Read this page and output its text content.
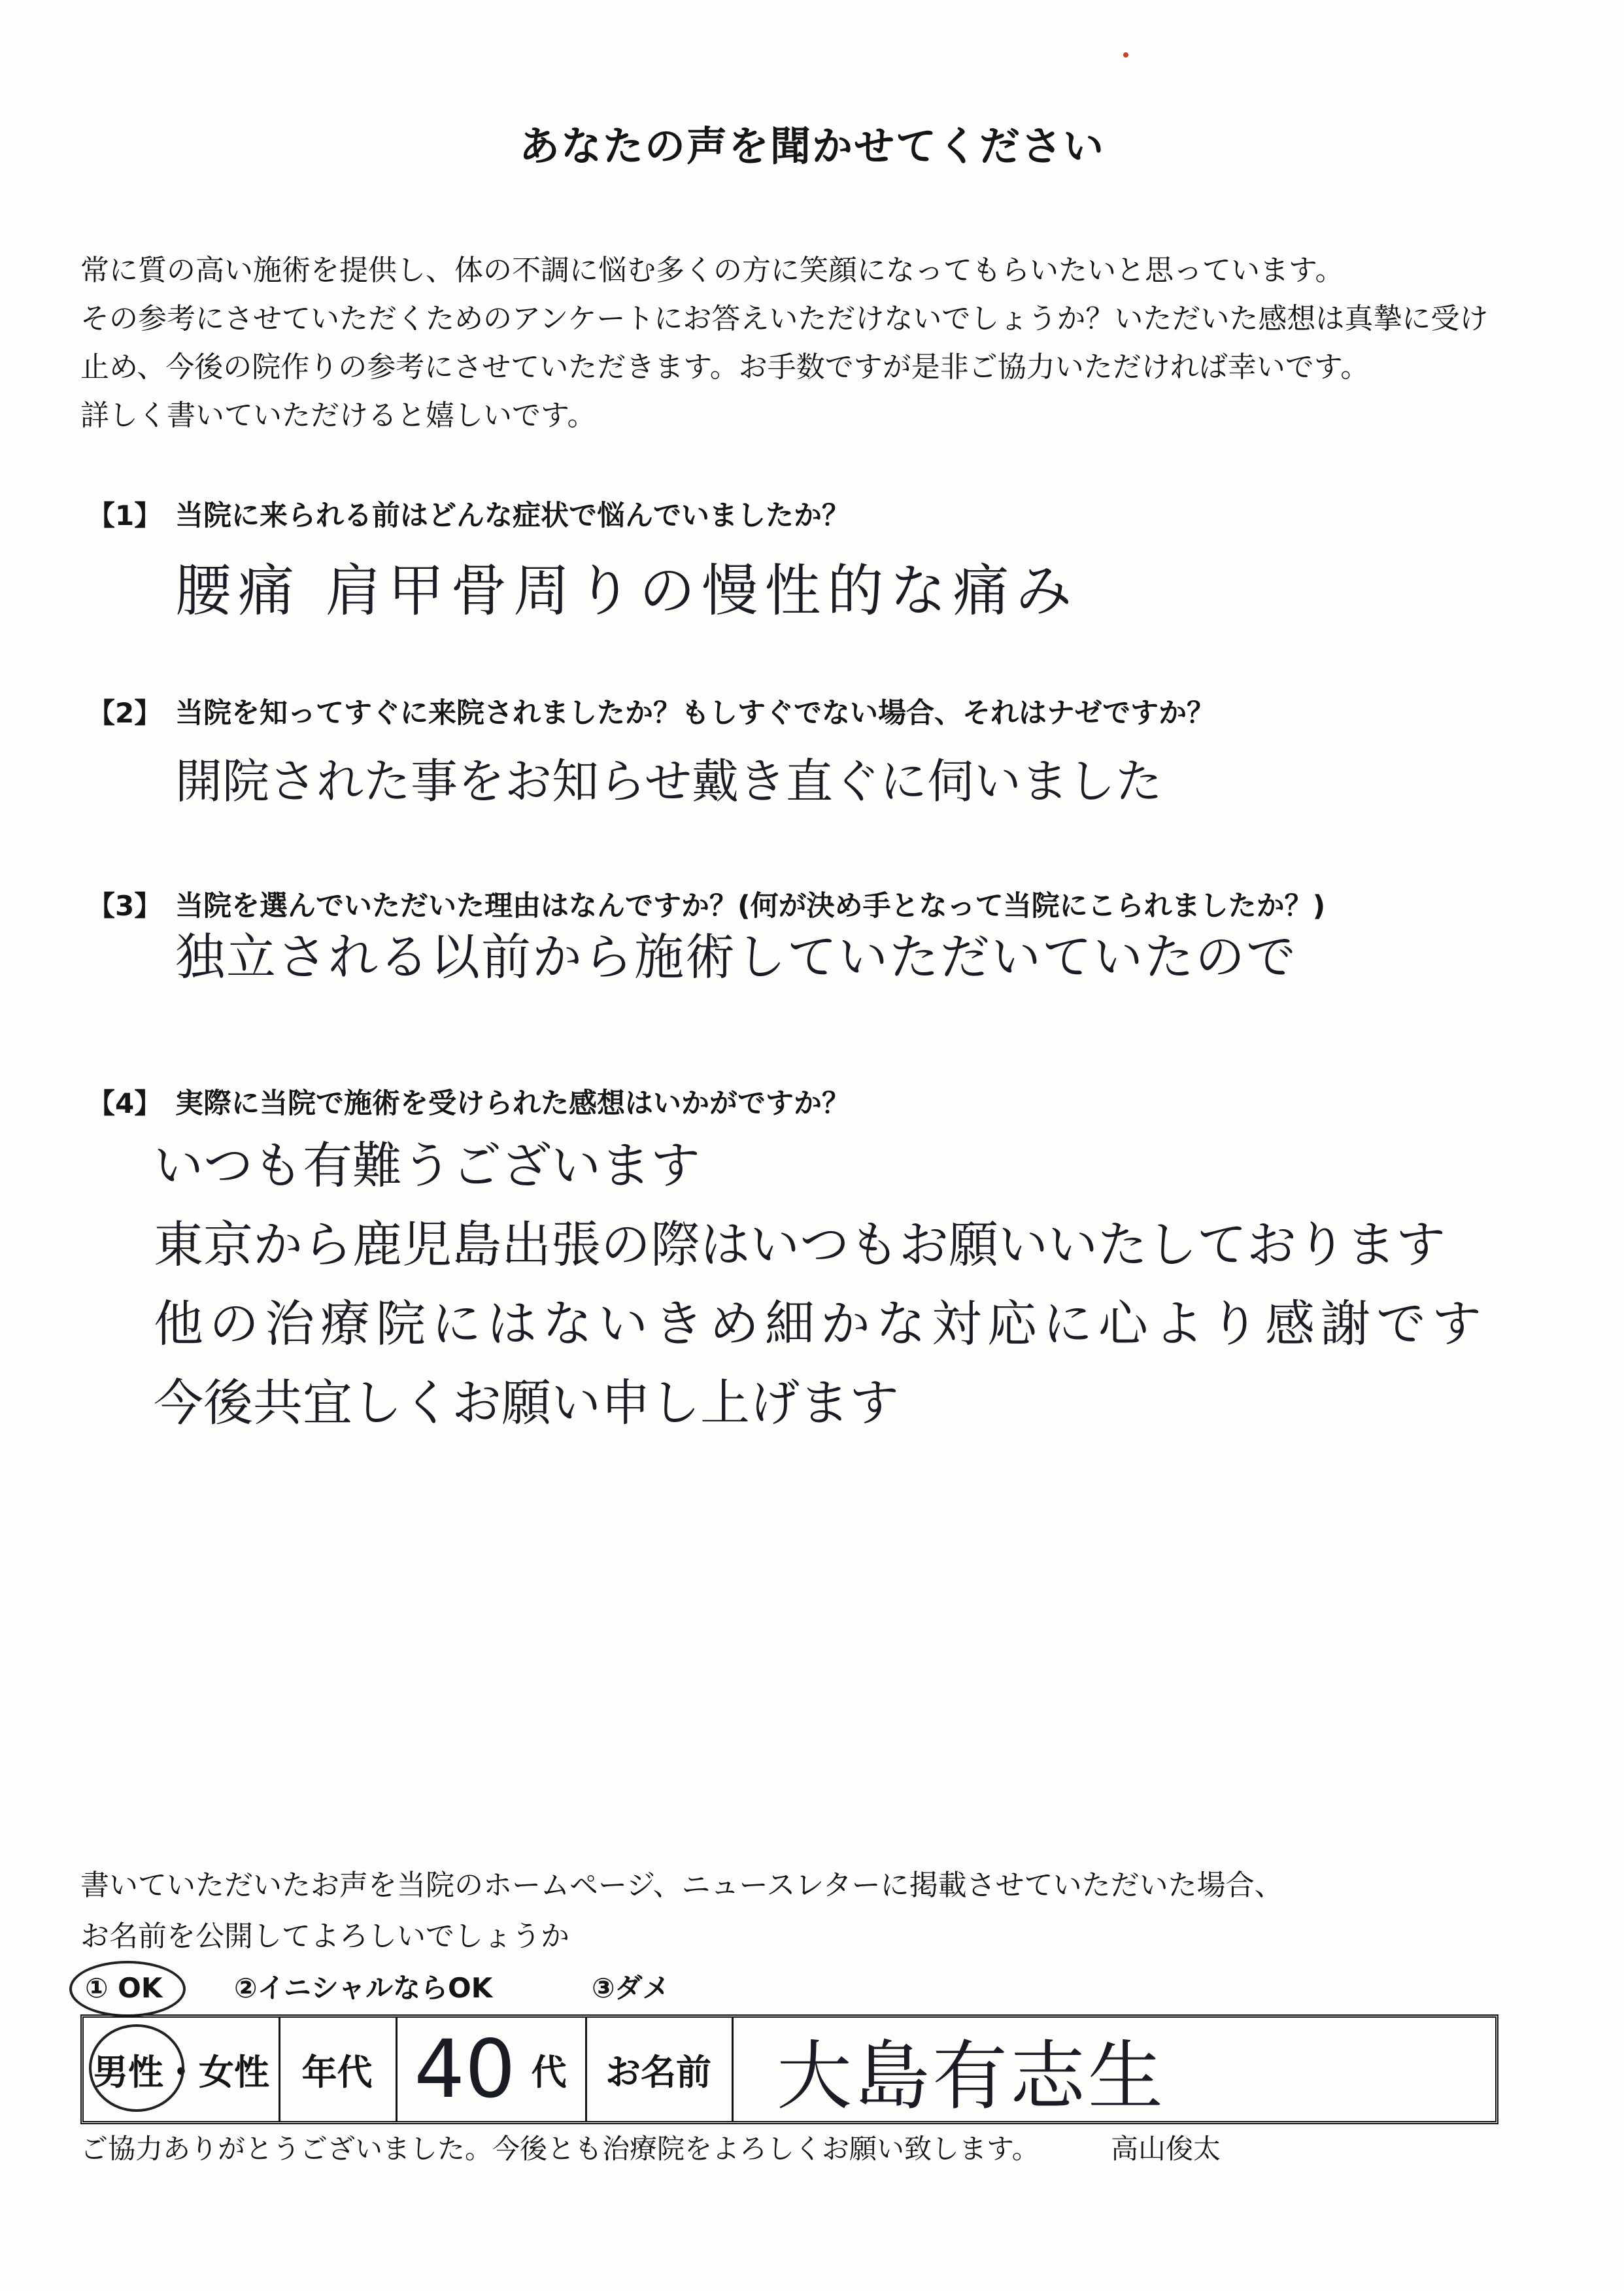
あなたの声を聞かせてください
常に質の高い施術を提供し、体の不調に悩む多くの方に笑顔になってもらいたいと思っています。
その参考にさせていただくためのアンケートにお答えいただけないでしょうか？いただいた感想は真摯に受け
止め、今後の院作りの参考にさせていただきます。お手数ですが是非ご協力いただければ幸いです。
詳しく書いていただけると嬉しいです。
【1】 当院に来られる前はどんな症状で悩んでいましたか？
腰痛 肩甲骨周りの慢性的な痛み
【2】 当院を知ってすぐに来院されましたか？もしすぐでない場合、それはナゼですか？
開院された事をお知らせ戴き直ぐに伺いました
【3】 当院を選んでいただいた理由はなんですか？(何が決め手となって当院にこられましたか？)
独立される以前から施術していただいていたので
【4】 実際に当院で施術を受けられた感想はいかがですか？
いつも有難うございます
東京から鹿児島出張の際はいつもお願いいたしております
他の治療院にはないきめ細かな対応に心より感謝です
今後共宜しくお願い申し上げます
書いていただいたお声を当院のホームページ、ニュースレターに掲載させていただいた場合、
お名前を公開してよろしいでしょうか
① OK	②イニシャルならOK	③ダメ
男性 ・ 女性 年代 40 代	お名前 大島有志生
ご協力ありがとうございました。今後とも治療院をよろしくお願い致します。	高山俊太
